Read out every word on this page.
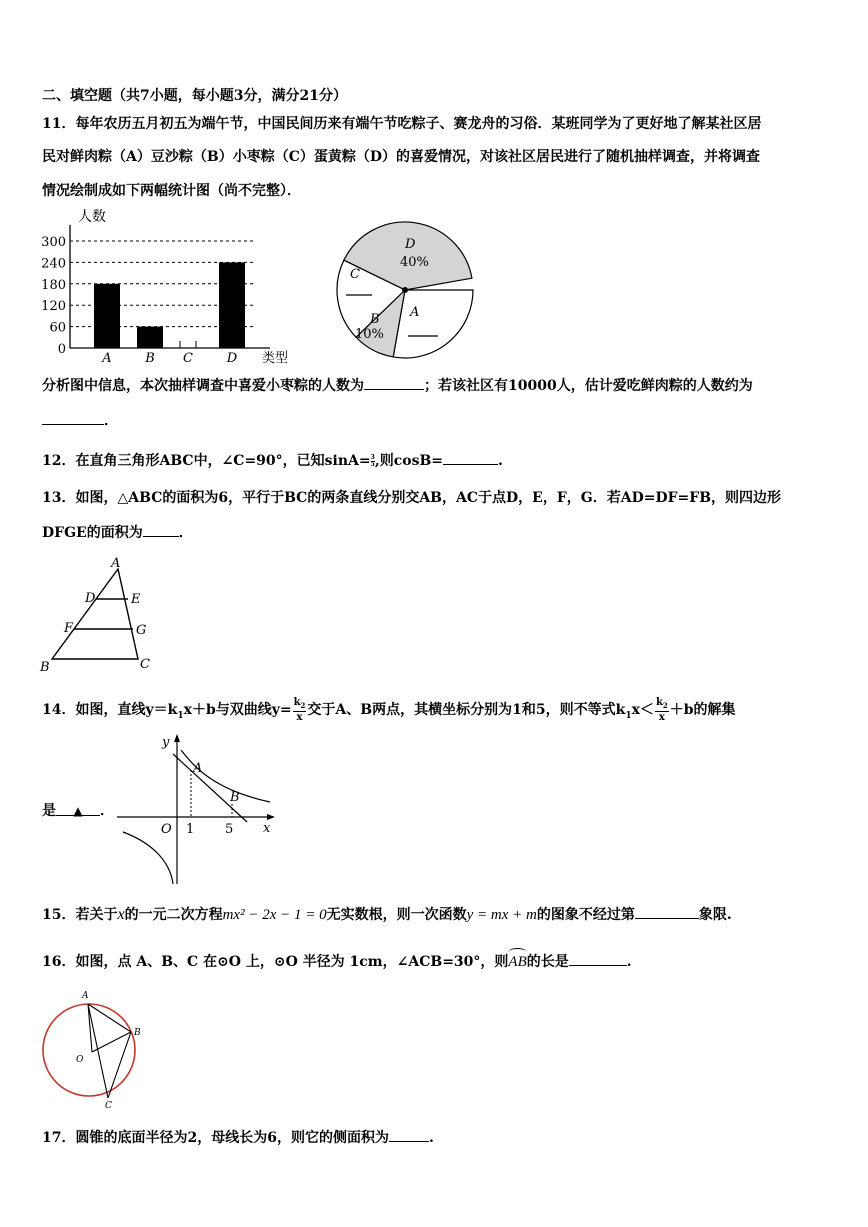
二、填空题（共7小题，每小题3分，满分21分）
11．每年农历五月初五为端午节，中国民间历来有端午节吃粽子、赛龙舟的习俗．某班同学为了更好地了解某社区居
民对鲜肉粽（A）豆沙粽（B）小枣粽（C）蛋黄粽（D）的喜爱情况，对该社区居民进行了随机抽样调查，并将调查
情况绘制成如下两幅统计图（尚不完整）．
0
60
120
180
240
300
A	B C	D
人数
类型
D
40%
A
B
10%
C
分析图中信息，本次抽样调查中喜爱小枣粽的人数为	；若该社区有10000人，估计爱吃鲜肉粽的人数约为
．
12．在直角三角形ABC中，∠C=90°，已知$\sin A= \frac{3}{5}$ ,则cosB=	.
13．如图，△ABC的面积为6，平行于BC的两条直线分别交AB，AC于点D，E，F，G．若AD=DF=FB，则四边形
DFGE的面积为	．
A
D	E
F	G
B	C
14．如图，直线$y=k_1x+b$与双曲线$y= \frac{k_2}{x}$ 交于A、B两点，其横坐标分别为1和5，则不等式$k_1x< \frac{k_2}{x} +b$的解集
是 ▲ ．
y
x
O 1 5
A
B
15．若关于x的一元二次方程mx² − 2x − 1 = 0无实数根，则一次函数y = mx + m的图象不经过第	象限.
16．如图，点 A、B、C 在⊙O 上，⊙O 半径为 1cm，∠ACB=30°，则AB的长是	.
A
B
C
O
17．圆锥的底面半径为2，母线长为6，则它的侧面积为	.
